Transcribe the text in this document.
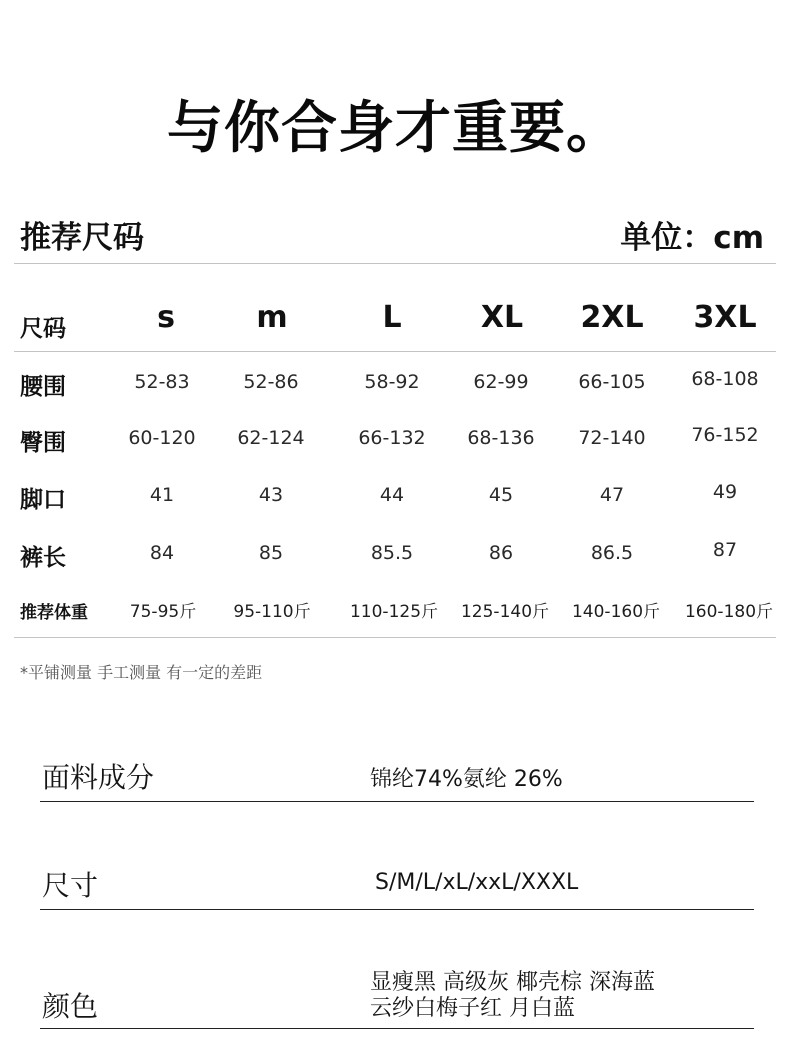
与你合身才重要。
推荐尺码	单位：cm
尺码	s	m	L	XL 2XL 3XL
腰围	52-83	52-86	58-92	62-99	66-105 68-108
臀围	60-120 62-124	66-132 68-136 72-140 76-152
脚口	41	43	44	45	47	49
裤长	84	85	85.5	86	86.5	87
推荐体重 75-95斤 95-110斤 110-125斤 125-140斤 140-160斤 160-180斤
*平铺测量 手工测量 有一定的差距
面料成分	锦纶74%氨纶 26%
尺寸	S/M/L/xL/xxL/XXXL
颜色
显瘦黑 高级灰 椰壳棕 深海蓝
云纱白梅子红 月白蓝
